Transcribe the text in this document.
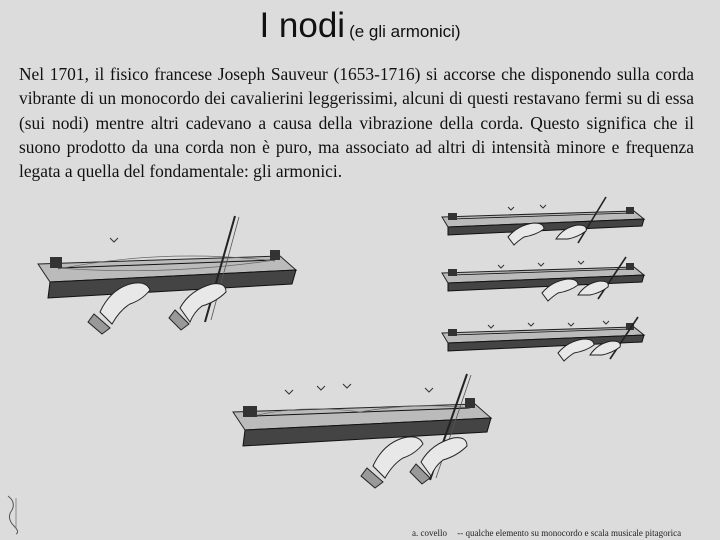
I nodi (e gli armonici)
Nel 1701, il fisico francese Joseph Sauveur (1653-1716) si accorse che disponendo sulla corda vibrante di un monocordo dei cavalierini leggerissimi, alcuni di questi restavano fermi su di essa (sui nodi) mentre altri cadevano a causa della vibrazione della corda. Questo significa che il suono prodotto da una corda non è puro, ma associato ad altri di intensità minore e frequenza legata a quella del fondamentale: gli armonici.
a. covello -- qualche elemento su monocordo e scala musicale pitagorica
